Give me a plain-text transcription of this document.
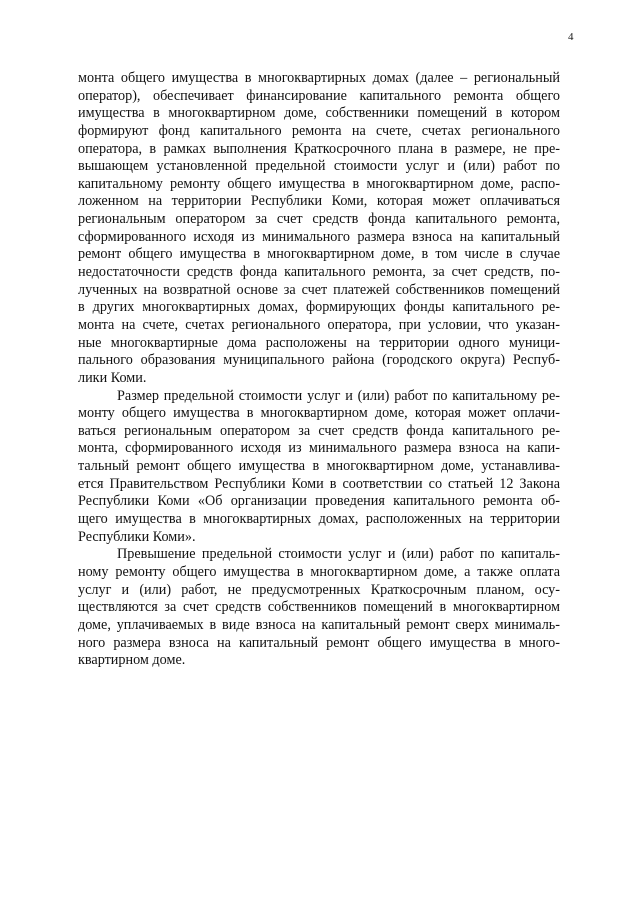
4
монта общего имущества в многоквартирных домах (далее – региональный
оператор), обеспечивает финансирование капитального ремонта общего
имущества в многоквартирном доме, собственники помещений в котором
формируют фонд капитального ремонта на счете, счетах регионального
оператора, в рамках выполнения Краткосрочного плана в размере, не пре-
вышающем установленной предельной стоимости услуг и (или) работ по
капитальному ремонту общего имущества в многоквартирном доме, распо-
ложенном на территории Республики Коми, которая может оплачиваться
региональным оператором за счет средств фонда капитального ремонта,
сформированного исходя из минимального размера взноса на капитальный
ремонт общего имущества в многоквартирном доме, в том числе в случае
недостаточности средств фонда капитального ремонта, за счет средств, по-
лученных на возвратной основе за счет платежей собственников помещений
в других многоквартирных домах, формирующих фонды капитального ре-
монта на счете, счетах регионального оператора, при условии, что указан-
ные многоквартирные дома расположены на территории одного муници-
пального образования муниципального района (городского округа) Респуб-
лики Коми.
Размер предельной стоимости услуг и (или) работ по капитальному ре-
монту общего имущества в многоквартирном доме, которая может оплачи-
ваться региональным оператором за счет средств фонда капитального ре-
монта, сформированного исходя из минимального размера взноса на капи-
тальный ремонт общего имущества в многоквартирном доме, устанавлива-
ется Правительством Республики Коми в соответствии со статьей 12 Закона
Республики Коми «Об организации проведения капитального ремонта об-
щего имущества в многоквартирных домах, расположенных на территории
Республики Коми».
Превышение предельной стоимости услуг и (или) работ по капиталь-
ному ремонту общего имущества в многоквартирном доме, а также оплата
услуг и (или) работ, не предусмотренных Краткосрочным планом, осу-
ществляются за счет средств собственников помещений в многоквартирном
доме, уплачиваемых в виде взноса на капитальный ремонт сверх минималь-
ного размера взноса на капитальный ремонт общего имущества в много-
квартирном доме.
